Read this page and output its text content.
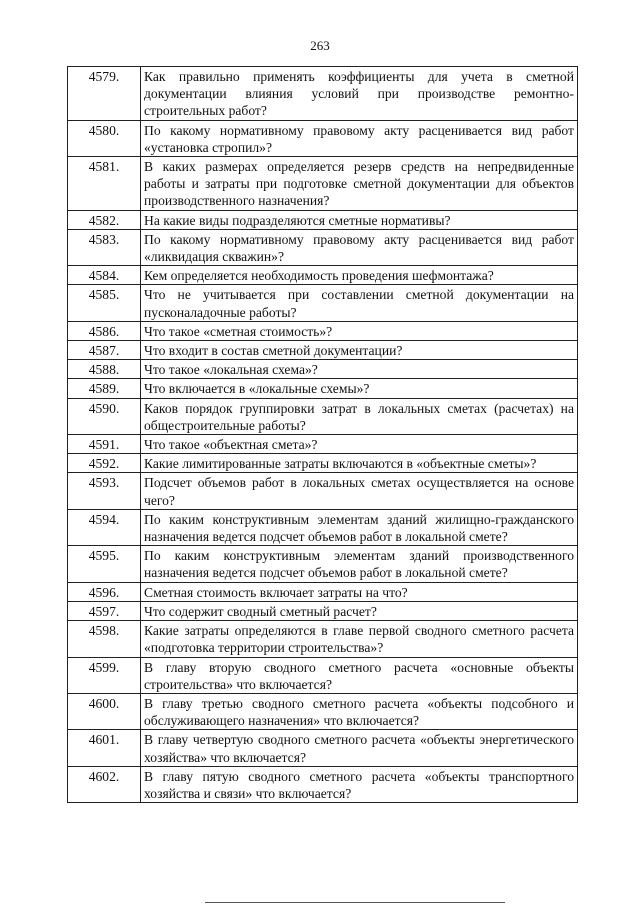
263
4579.	Как правильно применять коэффициенты для учета в сметной документации влияния условий при производстве ремонтно-строительных работ?
4580.	По какому нормативному правовому акту расценивается вид работ «установка стропил»?
4581.	В каких размерах определяется резерв средств на непредвиденные работы и затраты при подготовке сметной документации для объектов производственного назначения?
4582.	На какие виды подразделяются сметные нормативы?
4583.	По какому нормативному правовому акту расценивается вид работ «ликвидация скважин»?
4584.	Кем определяется необходимость проведения шефмонтажа?
4585.	Что не учитывается при составлении сметной документации на пусконаладочные работы?
4586.	Что такое «сметная стоимость»?
4587.	Что входит в состав сметной документации?
4588.	Что такое «локальная схема»?
4589.	Что включается в «локальные схемы»?
4590.	Каков порядок группировки затрат в локальных сметах (расчетах) на общестроительные работы?
4591.	Что такое «объектная смета»?
4592.	Какие лимитированные затраты включаются в «объектные сметы»?
4593.	Подсчет объемов работ в локальных сметах осуществляется на основе чего?
4594.	По каким конструктивным элементам зданий жилищно-гражданского назначения ведется подсчет объемов работ в локальной смете?
4595.	По каким конструктивным элементам зданий производственного назначения ведется подсчет объемов работ в локальной смете?
4596.	Сметная стоимость включает затраты на что?
4597.	Что содержит сводный сметный расчет?
4598.	Какие затраты определяются в главе первой сводного сметного расчета «подготовка территории строительства»?
4599.	В главу вторую сводного сметного расчета «основные объекты строительства» что включается?
4600.	В главу третью сводного сметного расчета «объекты подсобного и обслуживающего назначения» что включается?
4601.	В главу четвертую сводного сметного расчета «объекты энергетического хозяйства» что включается?
4602.	В главу пятую сводного сметного расчета «объекты транспортного хозяйства и связи» что включается?
